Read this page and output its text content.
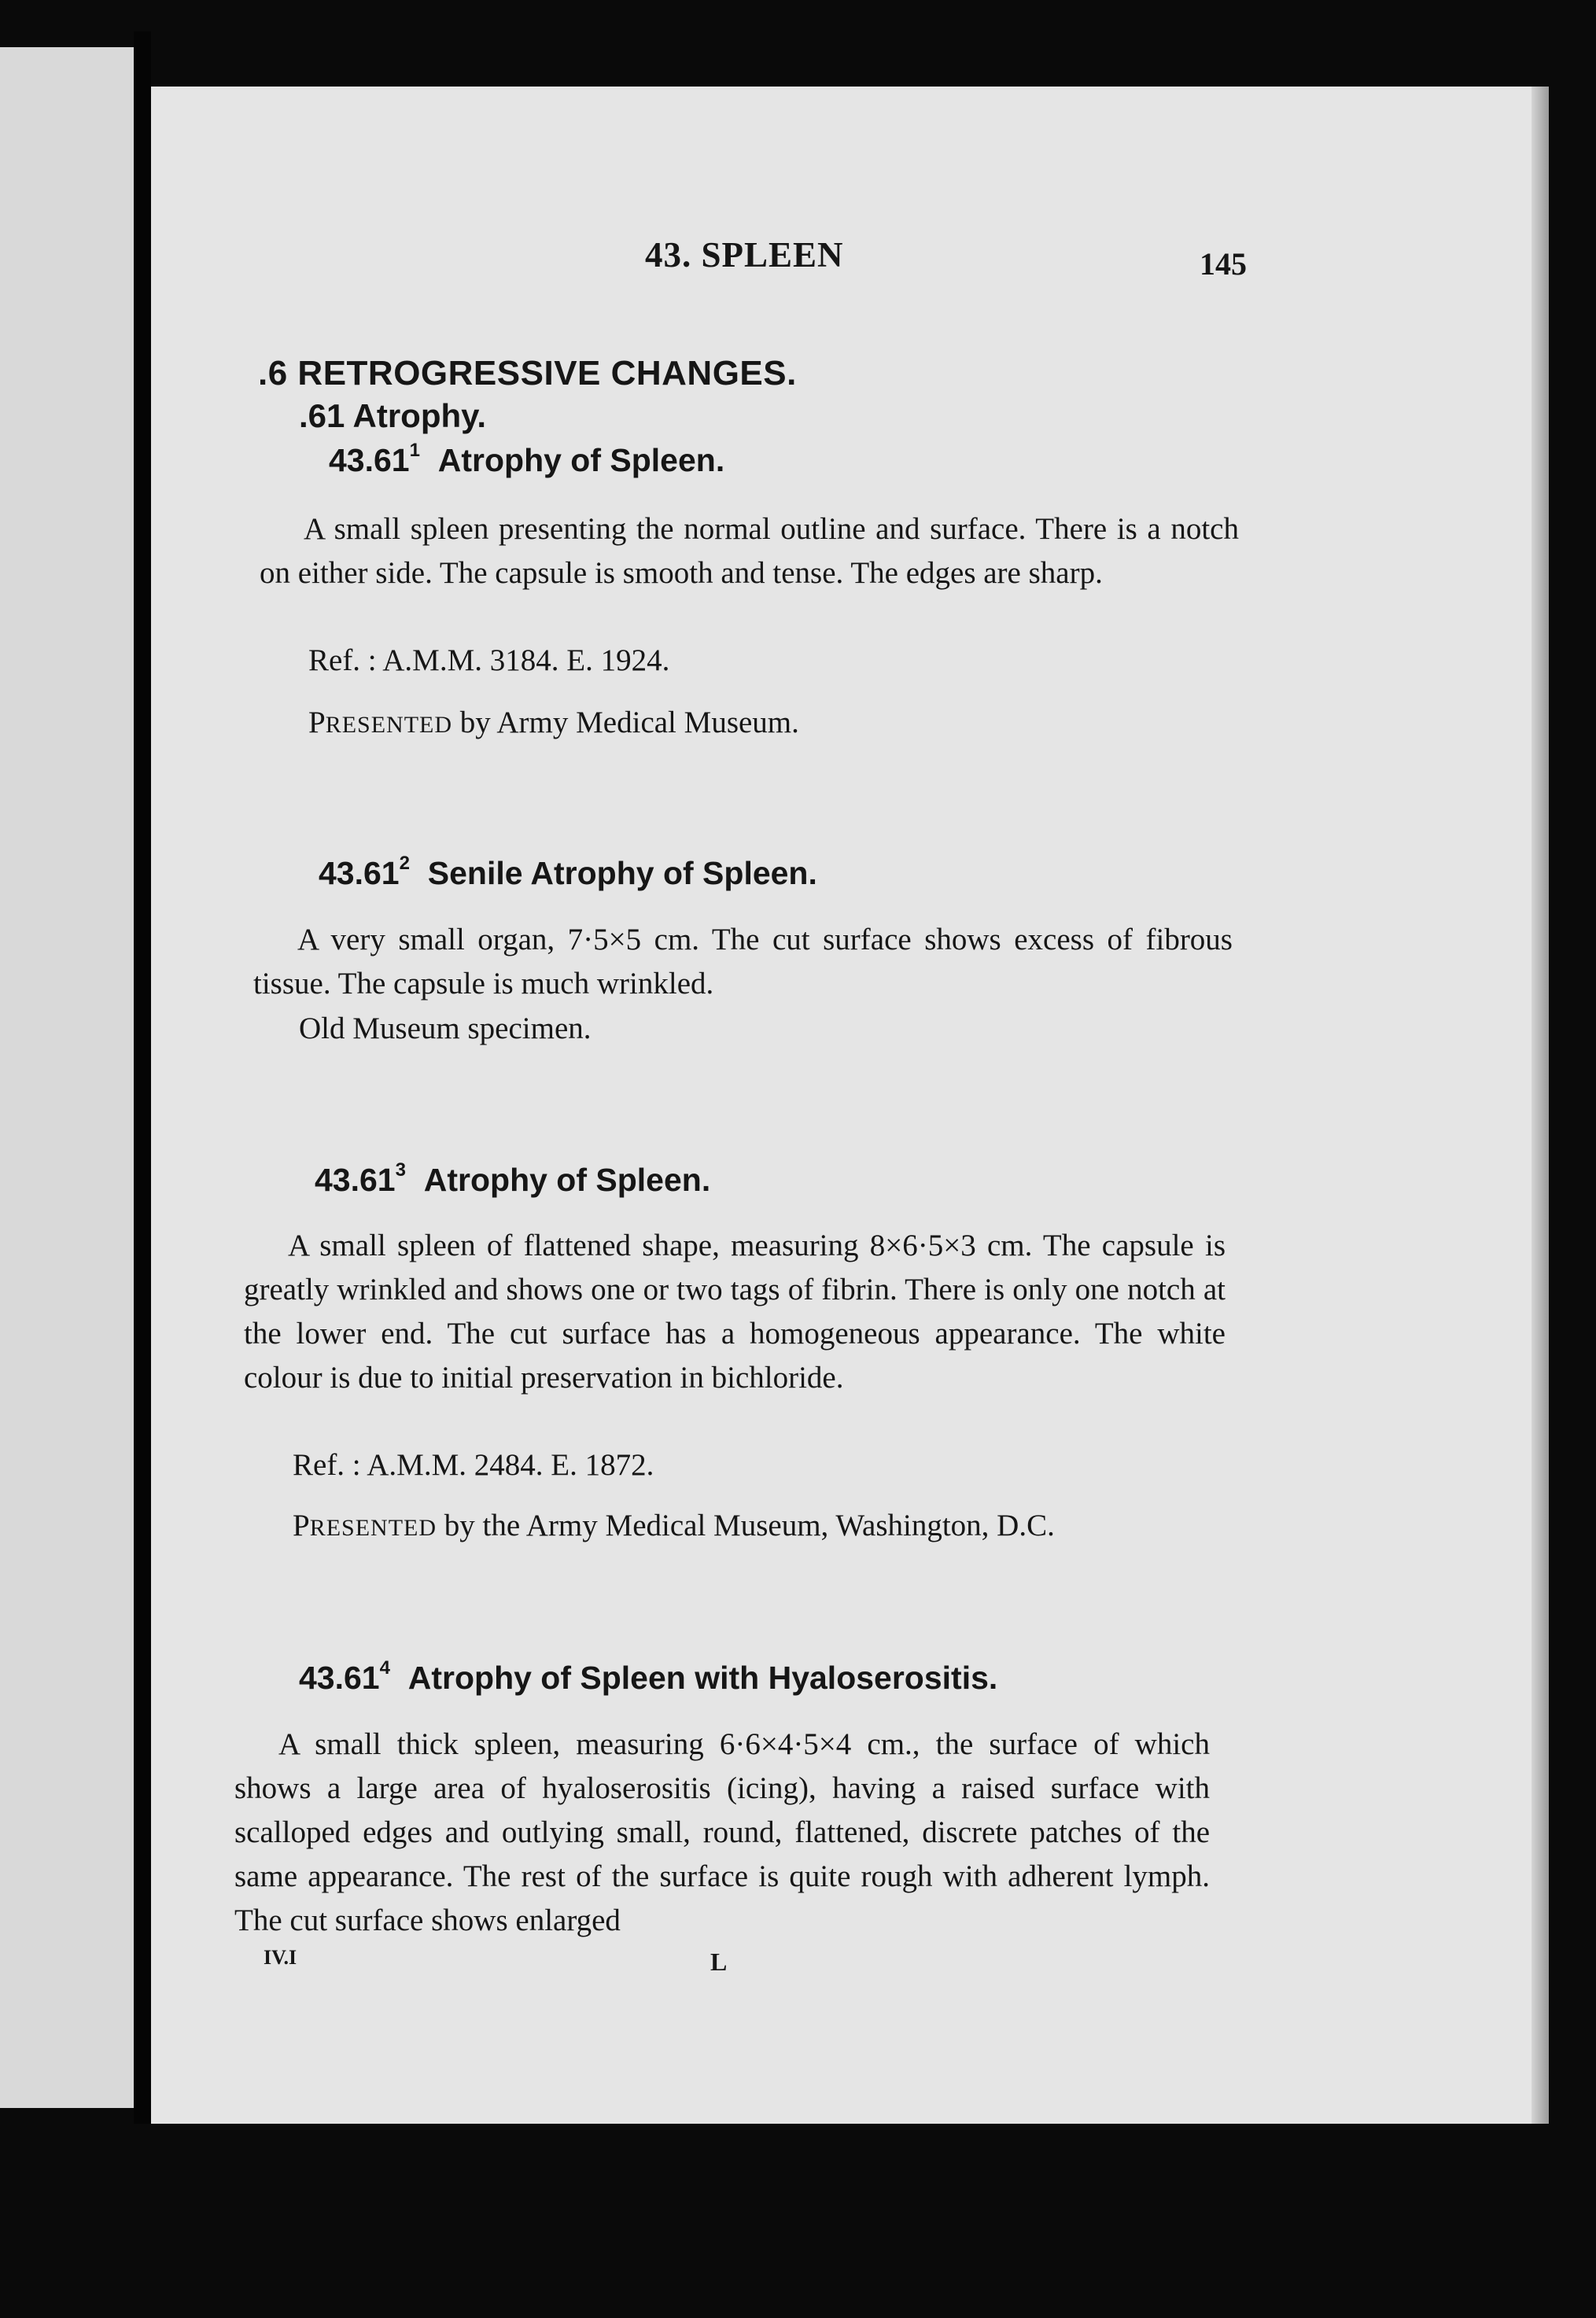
43. SPLEEN	145
.6 RETROGRESSIVE CHANGES.
.61 Atrophy.
43.61$^1$ Atrophy of Spleen.

A small spleen presenting the normal outline and surface. There is a notch on either side. The capsule is smooth and tense. The edges are sharp.

Ref. : A.M.M. 3184. E. 1924.
PRESENTED by Army Medical Museum.
43.61$^2$ Senile Atrophy of Spleen.

A very small organ, 7·5×5 cm. The cut surface shows excess of fibrous tissue. The capsule is much wrinkled.

Old Museum specimen.
43.61$^3$ Atrophy of Spleen.

A small spleen of flattened shape, measuring 8×6·5×3 cm. The capsule is greatly wrinkled and shows one or two tags of fibrin. There is only one notch at the lower end. The cut surface has a homogeneous appearance. The white colour is due to initial preservation in bichloride.

Ref. : A.M.M. 2484. E. 1872.
PRESENTED by the Army Medical Museum, Washington, D.C.
43.61$^4$ Atrophy of Spleen with Hyaloserositis.

A small thick spleen, measuring 6·6×4·5×4 cm., the surface of which shows a large area of hyaloserositis (icing), having a raised surface with scalloped edges and outlying small, round, flattened, discrete patches of the same appearance. The rest of the surface is quite rough with adherent lymph. The cut surface shows enlarged

IV.I	L
